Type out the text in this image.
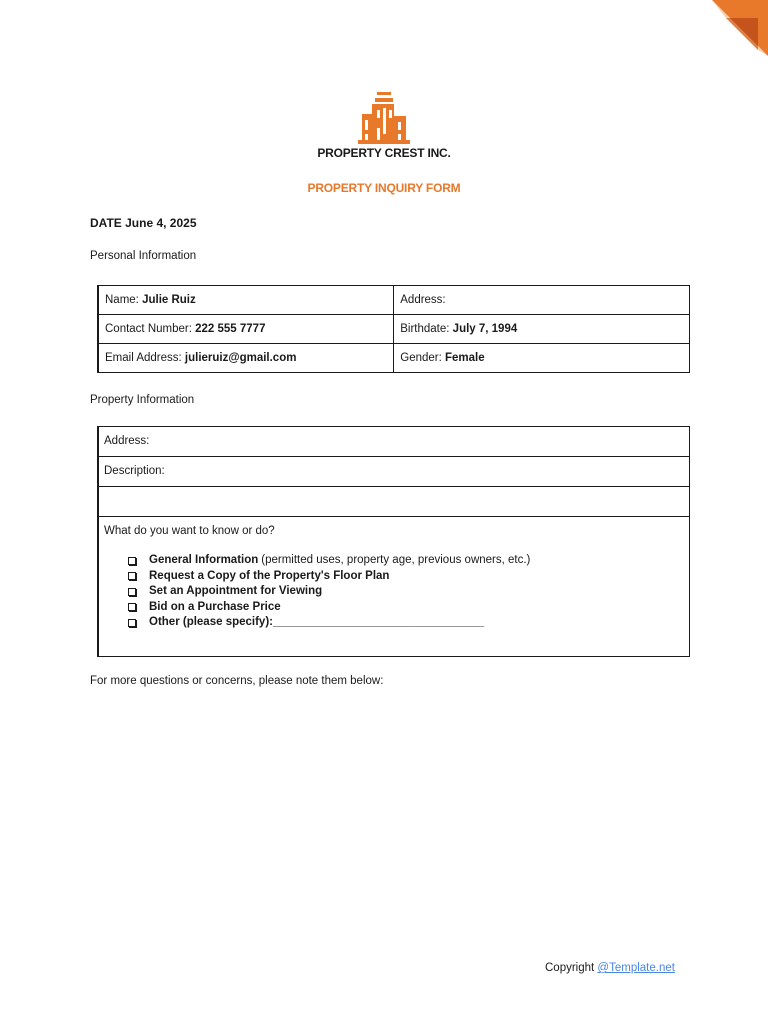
PROPERTY CREST INC.
PROPERTY INQUIRY FORM
DATE June 4, 2025
Personal Information
Name: Julie Ruiz	Address:
Contact Number: 222 555 7777	Birthdate: July 7, 1994
Email Address: julieruiz@gmail.com	Gender: Female
Property Information
Address:
Description:
What do you want to know or do?
General Information (permitted uses, property age, previous owners, etc.)
Request a Copy of the Property's Floor Plan
Set an Appointment for Viewing
Bid on a Purchase Price
Other (please specify):_________________________________
For more questions or concerns, please note them below:
Copyright @Template.net
